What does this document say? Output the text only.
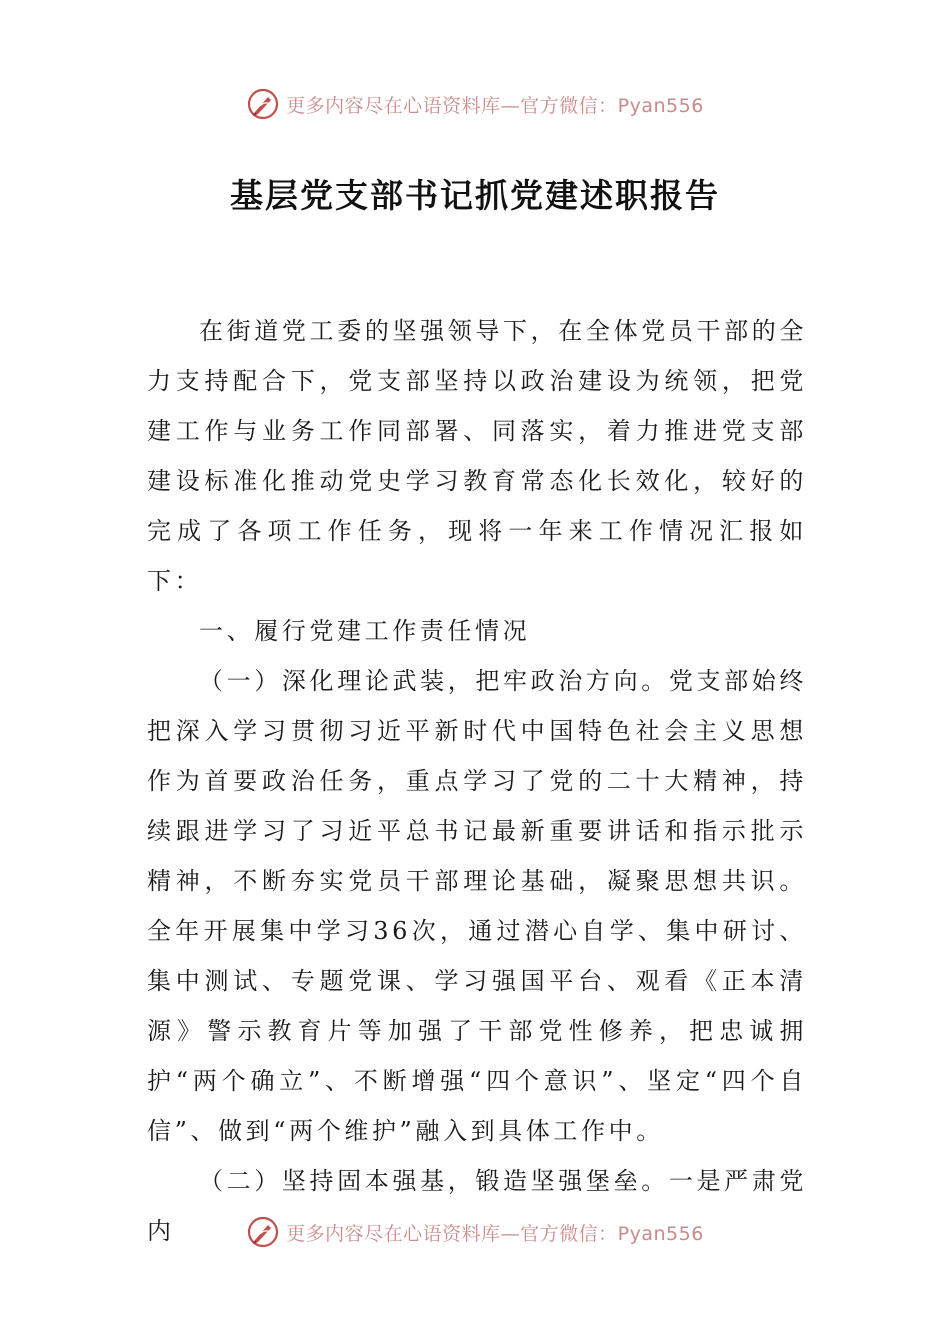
更多内容尽在心语资料库—官方微信：Pyan556
基层党支部书记抓党建述职报告

在街道党工委的坚强领导下，在全体党员干部的全力支持配合下，党支部坚持以政治建设为统领，把党建工作与业务工作同部署、同落实，着力推进党支部建设标准化推动党史学习教育常态化长效化，较好的完成了各项工作任务，现将一年来工作情况汇报如下：

一、履行党建工作责任情况

（一）深化理论武装，把牢政治方向。党支部始终把深入学习贯彻习近平新时代中国特色社会主义思想作为首要政治任务，重点学习了党的二十大精神，持续跟进学习了习近平总书记最新重要讲话和指示批示精神，不断夯实党员干部理论基础，凝聚思想共识。全年开展集中学习36次，通过潜心自学、集中研讨、集中测试、专题党课、学习强国平台、观看《正本清源》警示教育片等加强了干部党性修养，把忠诚拥护“两个确立”、不断增强“四个意识”、坚定“四个自信”、做到“两个维护”融入到具体工作中。

（二）坚持固本强基，锻造坚强堡垒。一是严肃党内	更多内容尽在心语资料库—官方微信：Pyan556
